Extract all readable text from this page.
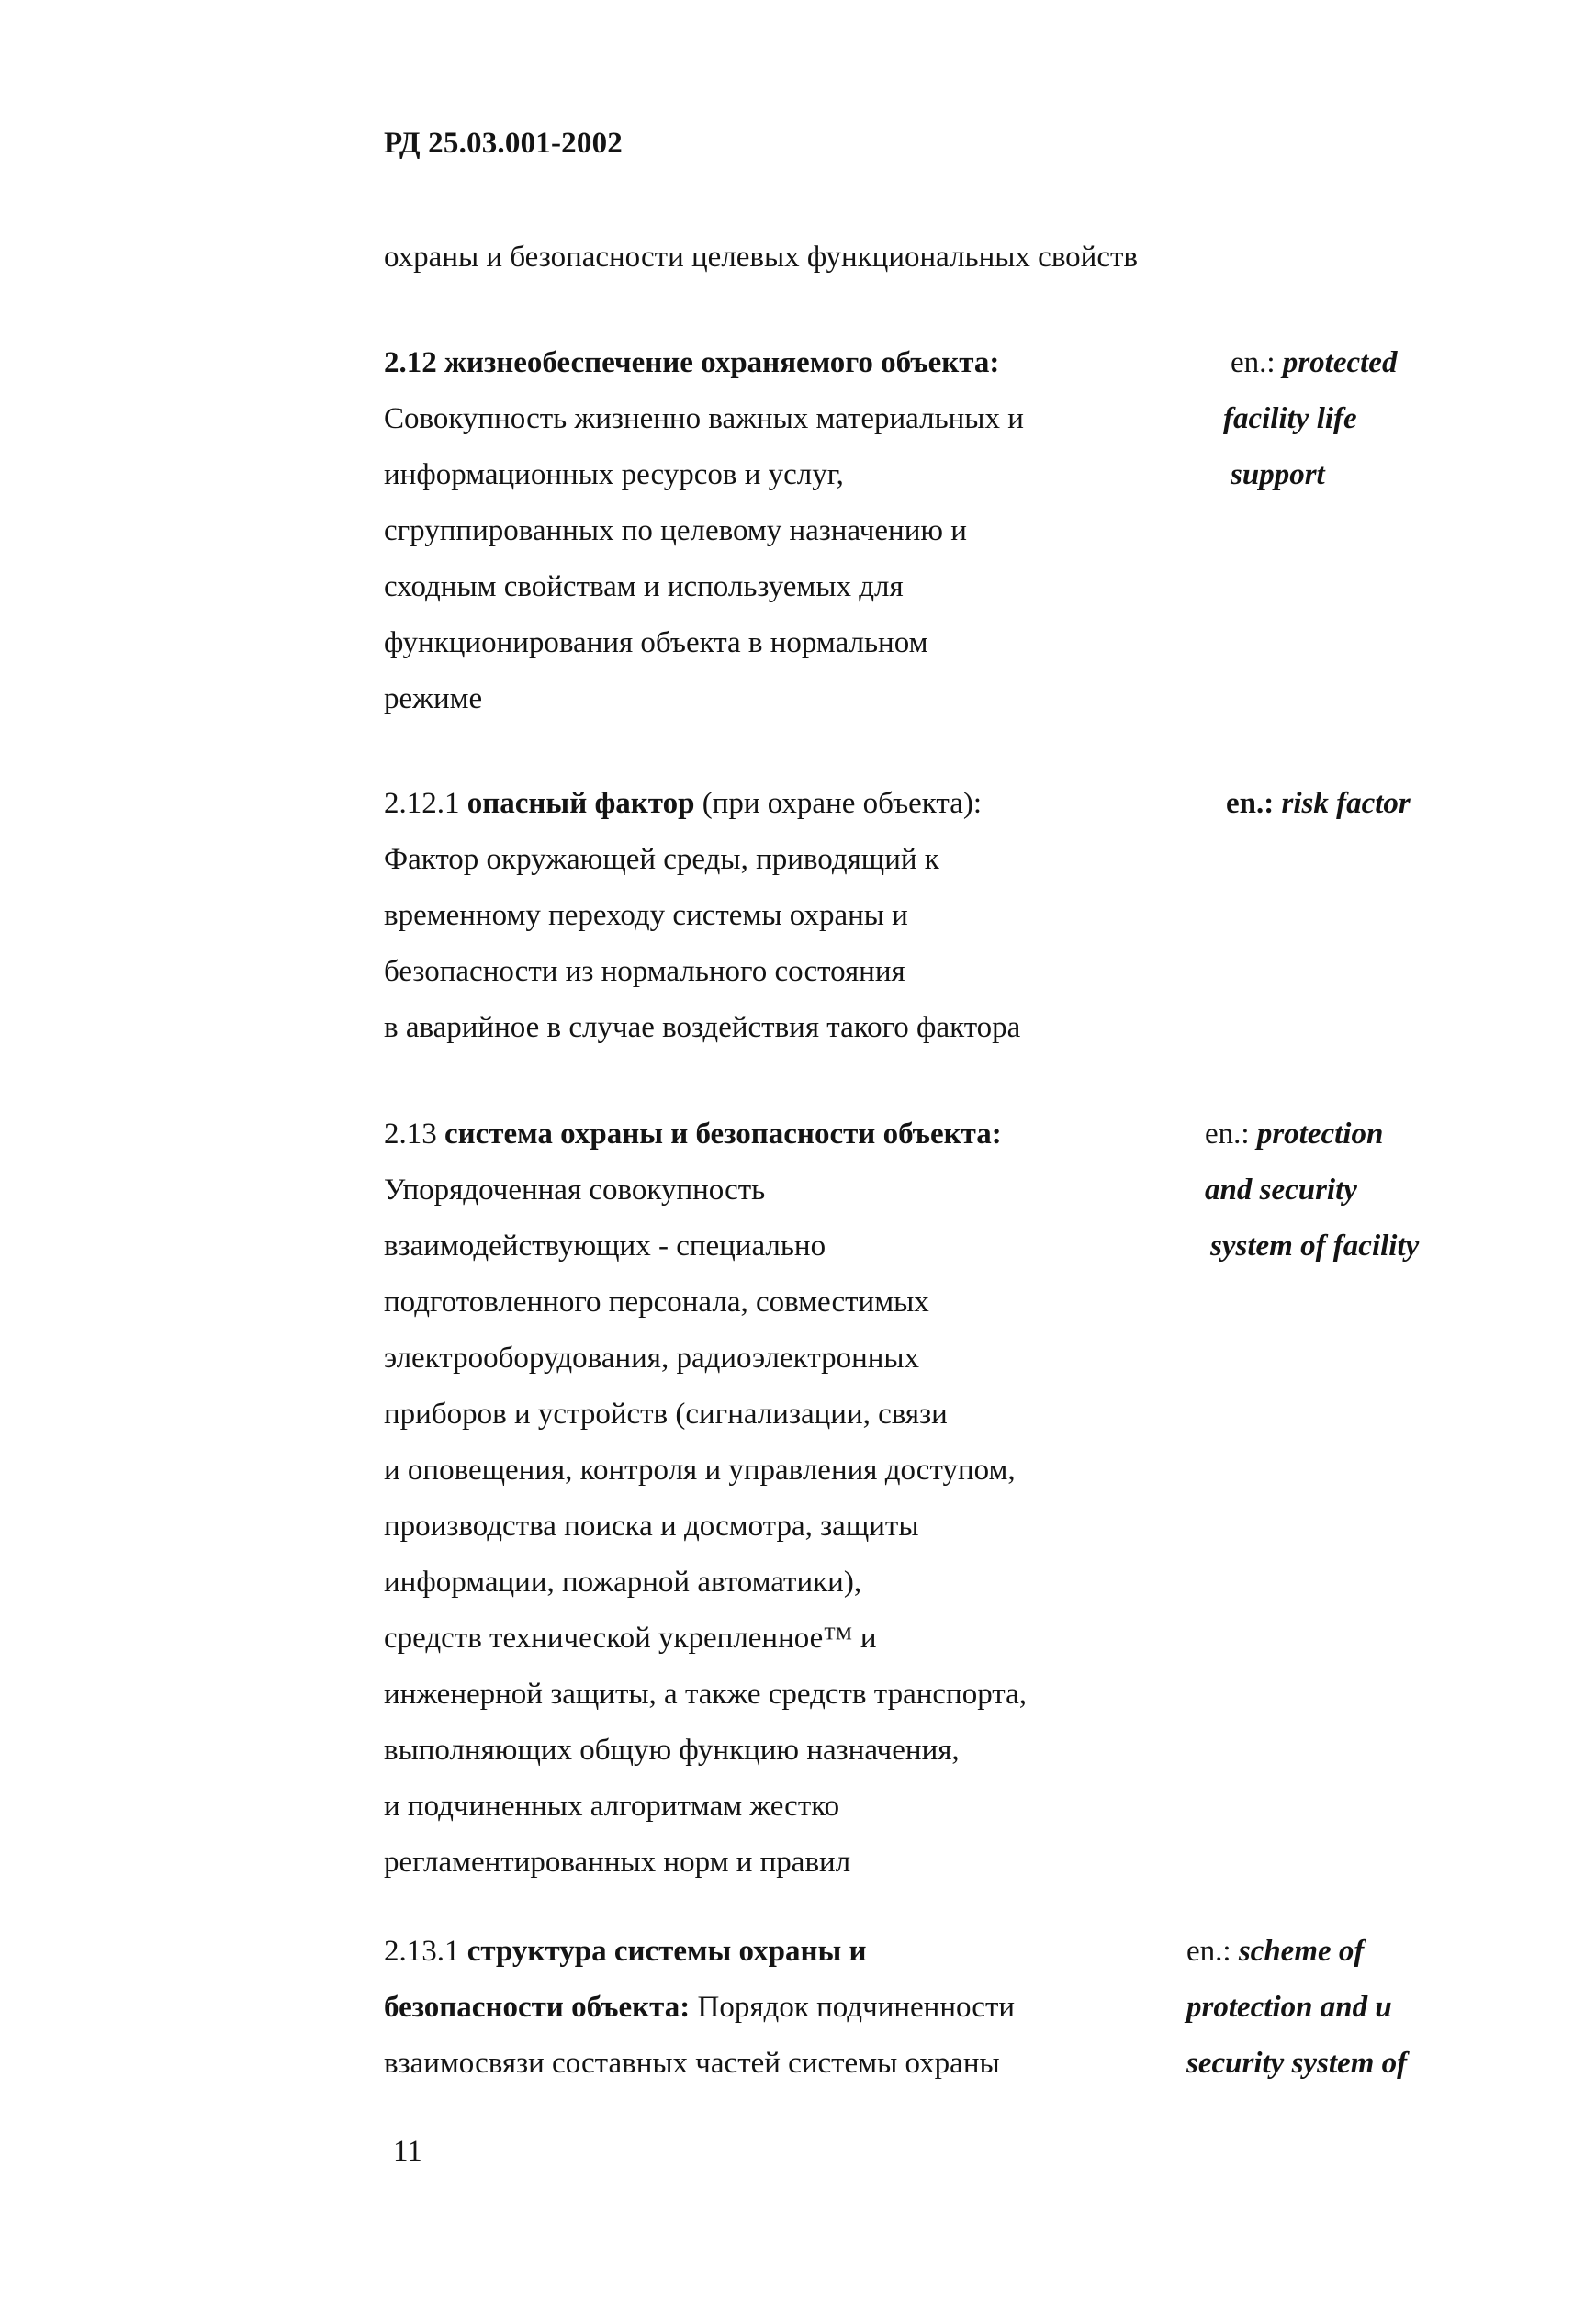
РД 25.03.001-2002
охраны и безопасности целевых функциональных свойств
2.12 жизнеобеспечение охраняемого объекта:
Совокупность жизненно важных материальных и
информационных ресурсов и услуг,
сгруппированных по целевому назначению и
сходным свойствам и используемых для
функционирования объекта в нормальном
режиме
en.: protected
facility life
support
2.12.1 опасный фактор (при охране объекта):
Фактор окружающей среды, приводящий к
временному переходу системы охраны и
безопасности из нормального состояния
в аварийное в случае воздействия такого фактора
en.: risk factor
2.13 система охраны и безопасности объекта:
Упорядоченная совокупность
взаимодействующих - специально
подготовленного персонала, совместимых
электрооборудования, радиоэлектронных
приборов и устройств (сигнализации, связи
и оповещения, контроля и управления доступом,
производства поиска и досмотра, защиты
информации, пожарной автоматики),
средств технической укрепленное™ и
инженерной защиты, а также средств транспорта,
выполняющих общую функцию назначения,
и подчиненных алгоритмам жестко
регламентированных норм и правил
en.: protection
and security
system of facility
2.13.1 структура системы охраны и
безопасности объекта: Порядок подчиненности
взаимосвязи составных частей системы охраны
en.: scheme of
protection and и
security system of
11
